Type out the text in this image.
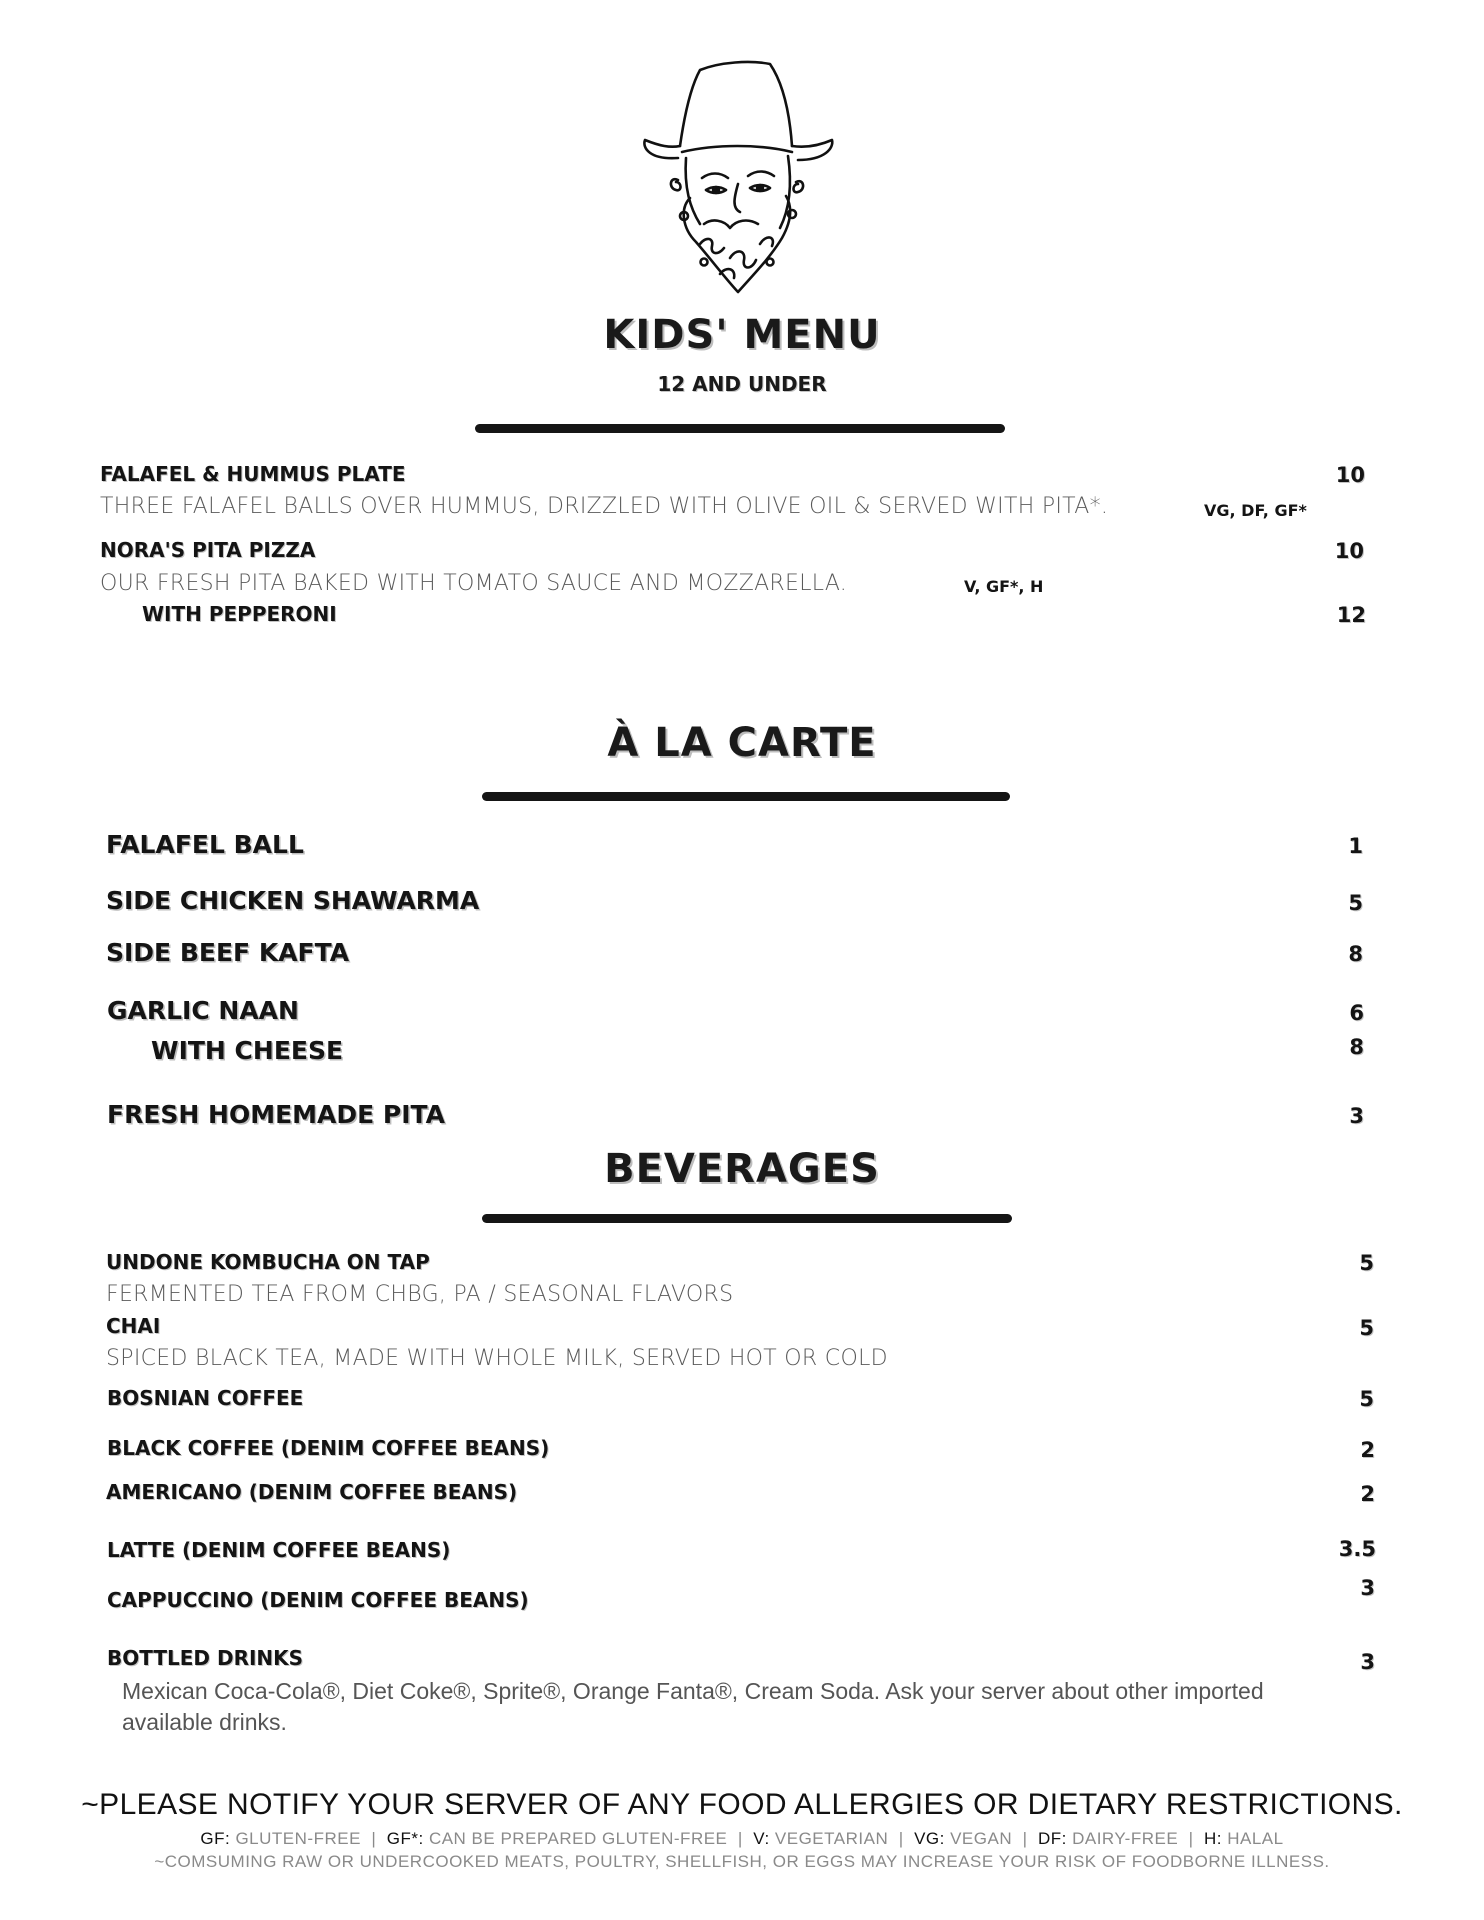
KIDS' MENU
12 AND UNDER
FALAFEL & HUMMUS PLATE	10
THREE FALAFEL BALLS OVER HUMMUS, DRIZZLED WITH OLIVE OIL & SERVED WITH PITA*.	VG, DF, GF*
NORA'S PITA PIZZA	10
OUR FRESH PITA BAKED WITH TOMATO SAUCE AND MOZZARELLA.	V, GF*, H
WITH PEPPERONI	12
À LA CARTE
FALAFEL BALL	1
SIDE CHICKEN SHAWARMA	5
SIDE BEEF KAFTA	8
GARLIC NAAN	6
WITH CHEESE	8
FRESH HOMEMADE PITA	3
BEVERAGES
UNDONE KOMBUCHA ON TAP	5
FERMENTED TEA FROM CHBG, PA / SEASONAL FLAVORS
CHAI	5
SPICED BLACK TEA, MADE WITH WHOLE MILK, SERVED HOT OR COLD
BOSNIAN COFFEE	5
BLACK COFFEE (DENIM COFFEE BEANS)	2
AMERICANO (DENIM COFFEE BEANS)	2
LATTE (DENIM COFFEE BEANS)	3.5
CAPPUCCINO (DENIM COFFEE BEANS)	3
BOTTLED DRINKS	3
Mexican Coca-Cola®, Diet Coke®, Sprite®, Orange Fanta®, Cream Soda. Ask your server about other imported available drinks.
~PLEASE NOTIFY YOUR SERVER OF ANY FOOD ALLERGIES OR DIETARY RESTRICTIONS.
GF: GLUTEN-FREE | GF*: CAN BE PREPARED GLUTEN-FREE | V: VEGETARIAN | VG: VEGAN | DF: DAIRY-FREE | H: HALAL
~COMSUMING RAW OR UNDERCOOKED MEATS, POULTRY, SHELLFISH, OR EGGS MAY INCREASE YOUR RISK OF FOODBORNE ILLNESS.
